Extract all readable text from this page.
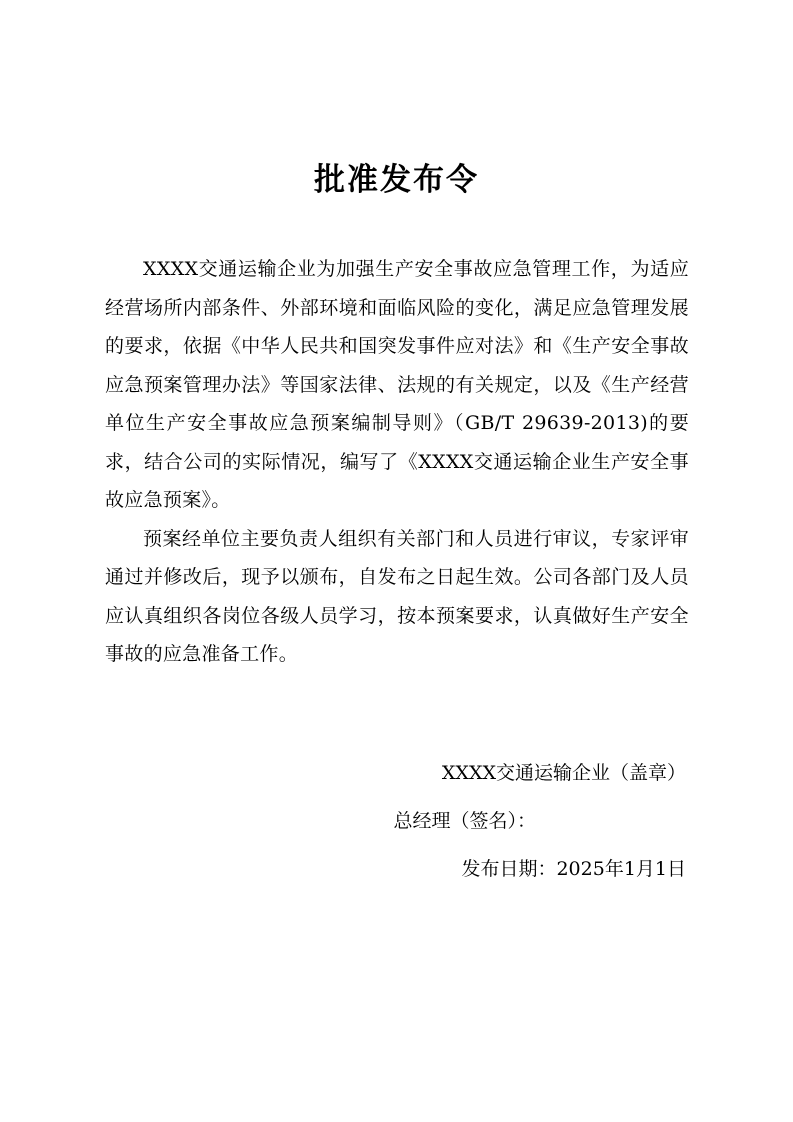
批准发布令

XXXX交通运输企业为加强生产安全事故应急管理工作，为适应经营场所内部条件、外部环境和面临风险的变化，满足应急管理发展的要求，依据《中华人民共和国突发事件应对法》和《生产安全事故应急预案管理办法》等国家法律、法规的有关规定，以及《生产经营单位生产安全事故应急预案编制导则》（GB/T 29639-2013)的要求，结合公司的实际情况，编写了《XXXX交通运输企业生产安全事故应急预案》。

预案经单位主要负责人组织有关部门和人员进行审议，专家评审通过并修改后，现予以颁布，自发布之日起生效。公司各部门及人员应认真组织各岗位各级人员学习，按本预案要求，认真做好生产安全事故的应急准备工作。

XXXX交通运输企业（盖章）
总经理（签名）：
发布日期：2025年1月1日
